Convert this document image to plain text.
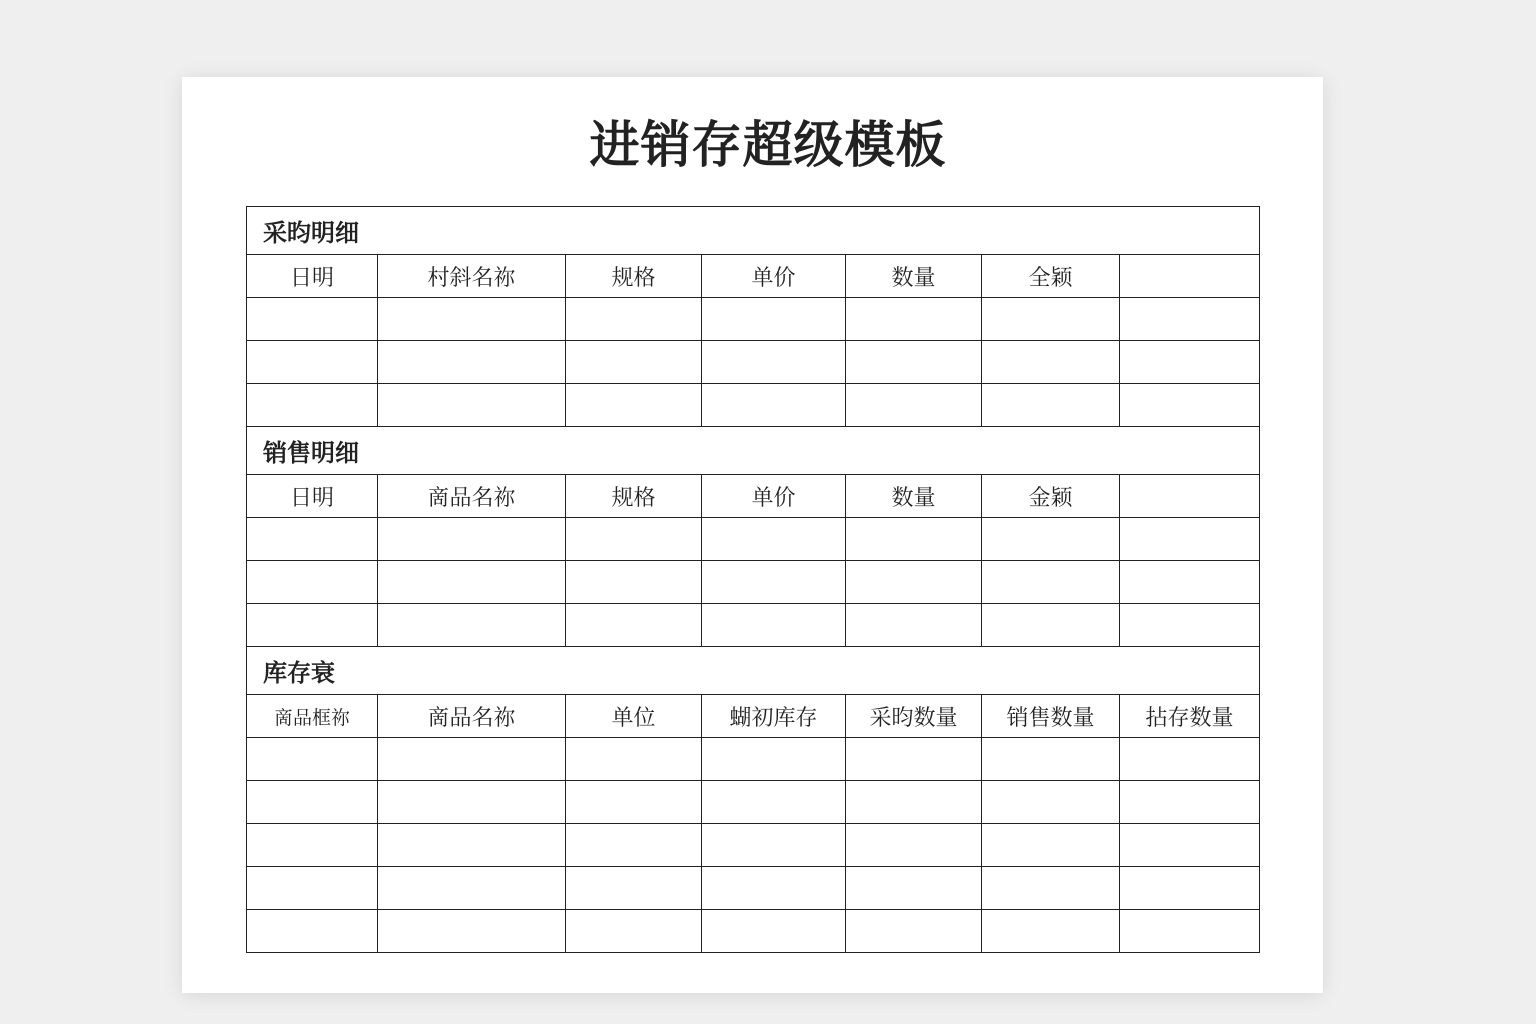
进销存超级模板
采昀明细						
日明	村斜名祢	规格	单价	数量	全颖	

销售明细						
日明	啇品名祢	规格	单价	数量	金颖	

库存衰						
啇品框祢	啇品名祢	单位	蝴初库存	采昀数量	销售数量	拈存数量
